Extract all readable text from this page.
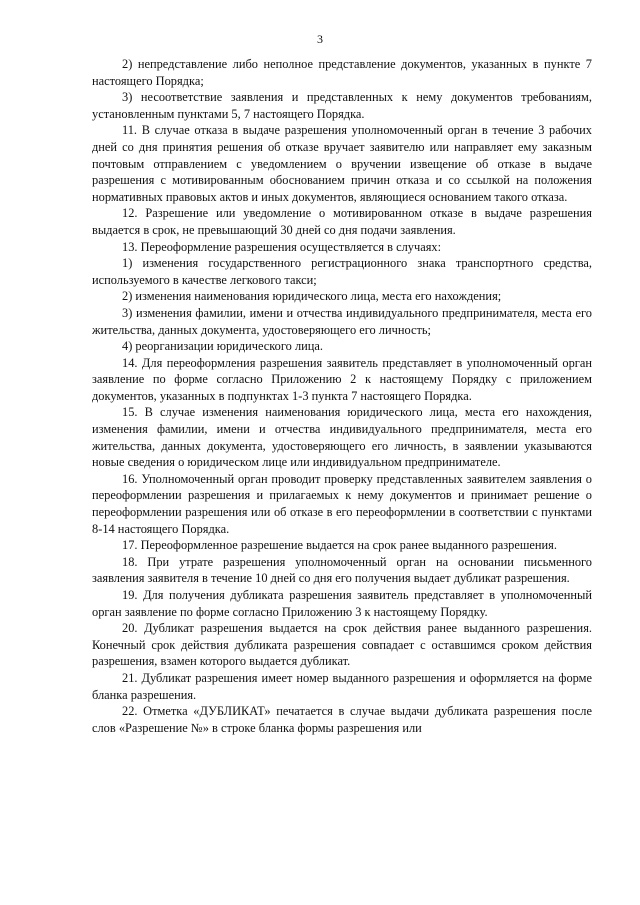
3

2) непредставление либо неполное представление документов, указанных в пункте 7 настоящего Порядка;

3) несоответствие заявления и представленных к нему документов требованиям, установленным пунктами 5, 7 настоящего Порядка.

11. В случае отказа в выдаче разрешения уполномоченный орган в течение 3 рабочих дней со дня принятия решения об отказе вручает заявителю или направляет ему заказным почтовым отправлением с уведомлением о вручении извещение об отказе в выдаче разрешения с мотивированным обоснованием причин отказа и со ссылкой на положения нормативных правовых актов и иных документов, являющиеся основанием такого отказа.

12. Разрешение или уведомление о мотивированном отказе в выдаче разрешения выдается в срок, не превышающий 30 дней со дня подачи заявления.

13. Переоформление разрешения осуществляется в случаях:

1) изменения государственного регистрационного знака транспортного средства, используемого в качестве легкового такси;

2) изменения наименования юридического лица, места его нахождения;

3) изменения фамилии, имени и отчества индивидуального предпринимателя, места его жительства, данных документа, удостоверяющего его личность;

4) реорганизации юридического лица.

14. Для переоформления разрешения заявитель представляет в уполномоченный орган заявление по форме согласно Приложению 2 к настоящему Порядку с приложением документов, указанных в подпунктах 1-3 пункта 7 настоящего Порядка.

15. В случае изменения наименования юридического лица, места его нахождения, изменения фамилии, имени и отчества индивидуального предпринимателя, места его жительства, данных документа, удостоверяющего его личность, в заявлении указываются новые сведения о юридическом лице или индивидуальном предпринимателе.

16. Уполномоченный орган проводит проверку представленных заявителем заявления о переоформлении разрешения и прилагаемых к нему документов и принимает решение о переоформлении разрешения или об отказе в его переоформлении в соответствии с пунктами 8-14 настоящего Порядка.

17. Переоформленное разрешение выдается на срок ранее выданного разрешения.

18. При утрате разрешения уполномоченный орган на основании письменного заявления заявителя в течение 10 дней со дня его получения выдает дубликат разрешения.

19. Для получения дубликата разрешения заявитель представляет в уполномоченный орган заявление по форме согласно Приложению 3 к настоящему Порядку.

20. Дубликат разрешения выдается на срок действия ранее выданного разрешения. Конечный срок действия дубликата разрешения совпадает с оставшимся сроком действия разрешения, взамен которого выдается дубликат.

21. Дубликат разрешения имеет номер выданного разрешения и оформляется на форме бланка разрешения.

22. Отметка «ДУБЛИКАТ» печатается в случае выдачи дубликата разрешения после слов «Разрешение №» в строке бланка формы разрешения или
